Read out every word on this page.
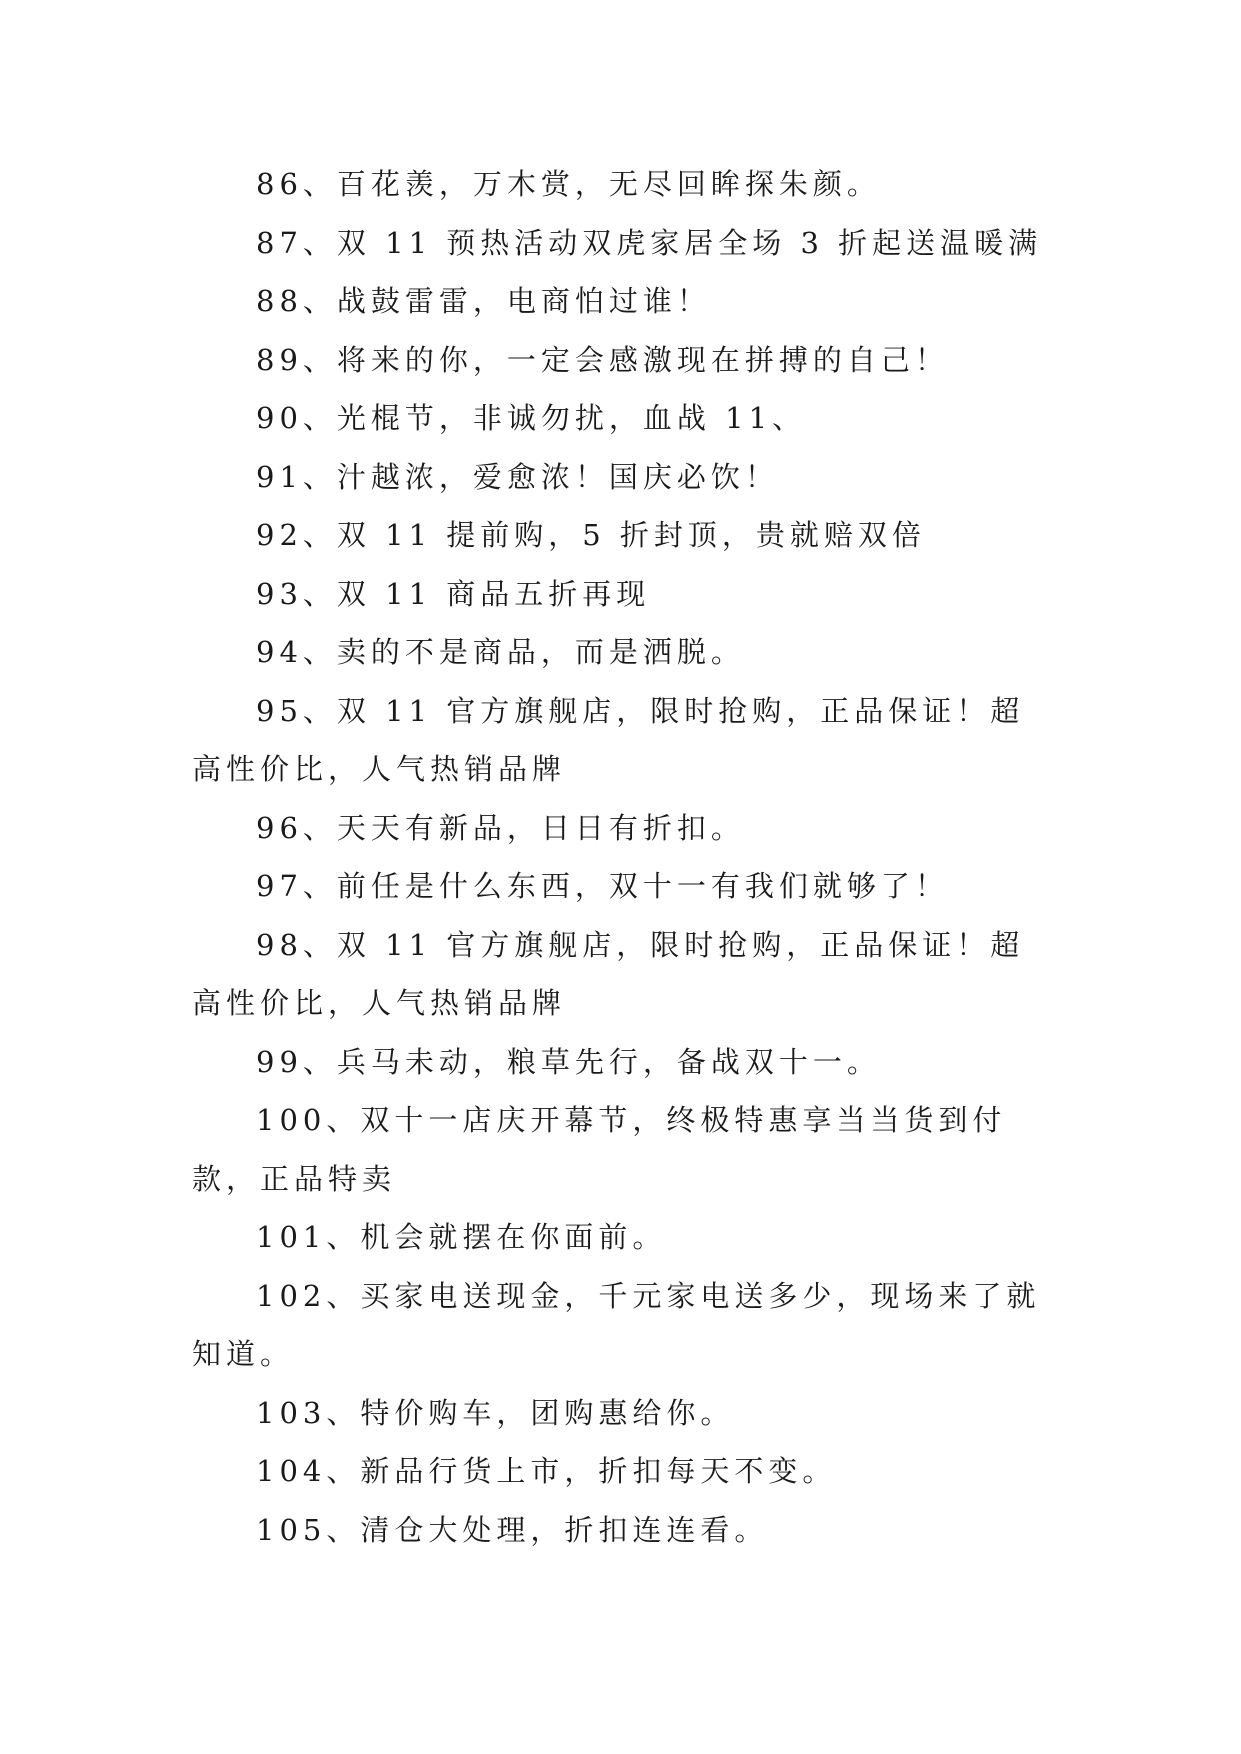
86、百花羡，万木赏，无尽回眸探朱颜。

87、双 11 预热活动双虎家居全场 3 折起送温暖满

88、战鼓雷雷，电商怕过谁！

89、将来的你，一定会感激现在拼搏的自己！

90、光棍节，非诚勿扰，血战 11、

91、汁越浓，爱愈浓！国庆必饮！

92、双 11 提前购，5 折封顶，贵就赔双倍

93、双 11 商品五折再现

94、卖的不是商品，而是洒脱。

95、双 11 官方旗舰店，限时抢购，正品保证！超高性价比，人气热销品牌

96、天天有新品，日日有折扣。

97、前任是什么东西，双十一有我们就够了！

98、双 11 官方旗舰店，限时抢购，正品保证！超高性价比，人气热销品牌

99、兵马未动，粮草先行，备战双十一。

100、双十一店庆开幕节，终极特惠享当当货到付款，正品特卖

101、机会就摆在你面前。

102、买家电送现金，千元家电送多少，现场来了就知道。

103、特价购车，团购惠给你。

104、新品行货上市，折扣每天不变。

105、清仓大处理，折扣连连看。
